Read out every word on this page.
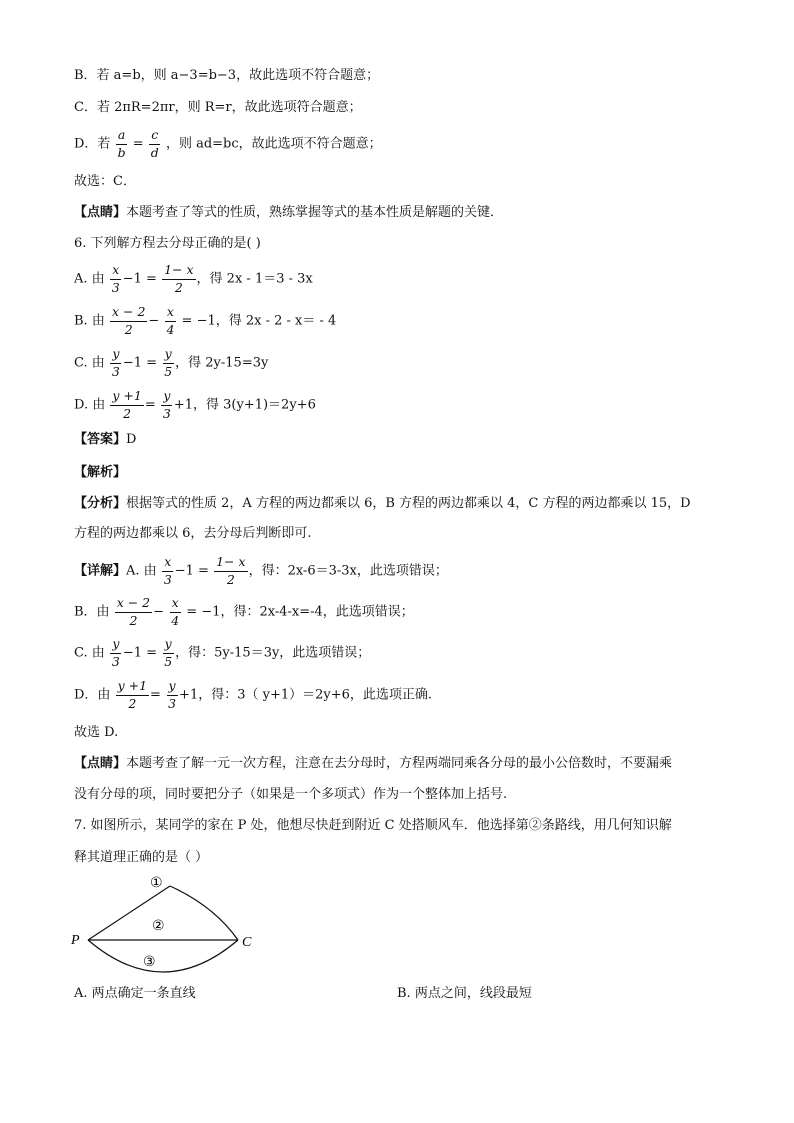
B．若 a=b，则 a−3=b−3，故此选项不符合题意；
C．若 2πR=2πr，则 R=r，故此选项符合题意；
D．若 $\frac{a}{b} = \frac{c}{d}$ ，则 ad=bc，故此选项不符合题意；
故选：C．
【点睛】本题考查了等式的性质，熟练掌握等式的基本性质是解题的关键．
6. 下列解方程去分母正确的是( )
A. 由 $\frac{x}{3} -1 = \frac{1- x}{2}$ ，得 2x - 1＝3 - 3x
B. 由 $\frac{x - 2}{2} - \frac{x}{4} = -1$，得 2x - 2 - x＝ - 4
C. 由 $\frac{y}{3} -1 = \frac{y}{5}$ ，得 2y-15=3y
D. 由 $\frac{y +1}{2} = \frac{y}{3} +1$，得 3(y+1)＝2y+6
【答案】D
【解析】
【分析】根据等式的性质 2，A 方程的两边都乘以 6，B 方程的两边都乘以 4，C 方程的两边都乘以 15，D
方程的两边都乘以 6，去分母后判断即可.
【详解】A. 由 $\frac{x}{3} -1 = \frac{1- x}{2}$ ，得：2x-6＝3-3x，此选项错误；
B．由 $\frac{x - 2}{2} - \frac{x}{4} = -1$，得：2x-4-x=-4，此选项错误；
C. 由 $\frac{y}{3} -1 = \frac{y}{5}$ ，得：5y-15＝3y，此选项错误；
D．由 $\frac{y +1}{2} = \frac{y}{3} +1$，得：3（ y+1）＝2y+6，此选项正确.
故选 D.
【点睛】本题考查了解一元一次方程，注意在去分母时，方程两端同乘各分母的最小公倍数时，不要漏乘
没有分母的项，同时要把分子（如果是一个多项式）作为一个整体加上括号.
7. 如图所示，某同学的家在 P 处，他想尽快赶到附近 C 处搭顺风车．他选择第②条路线，用几何知识解
释其道理正确的是（ ）
P	C
①
②
③
A. 两点确定一条直线	B. 两点之间，线段最短
